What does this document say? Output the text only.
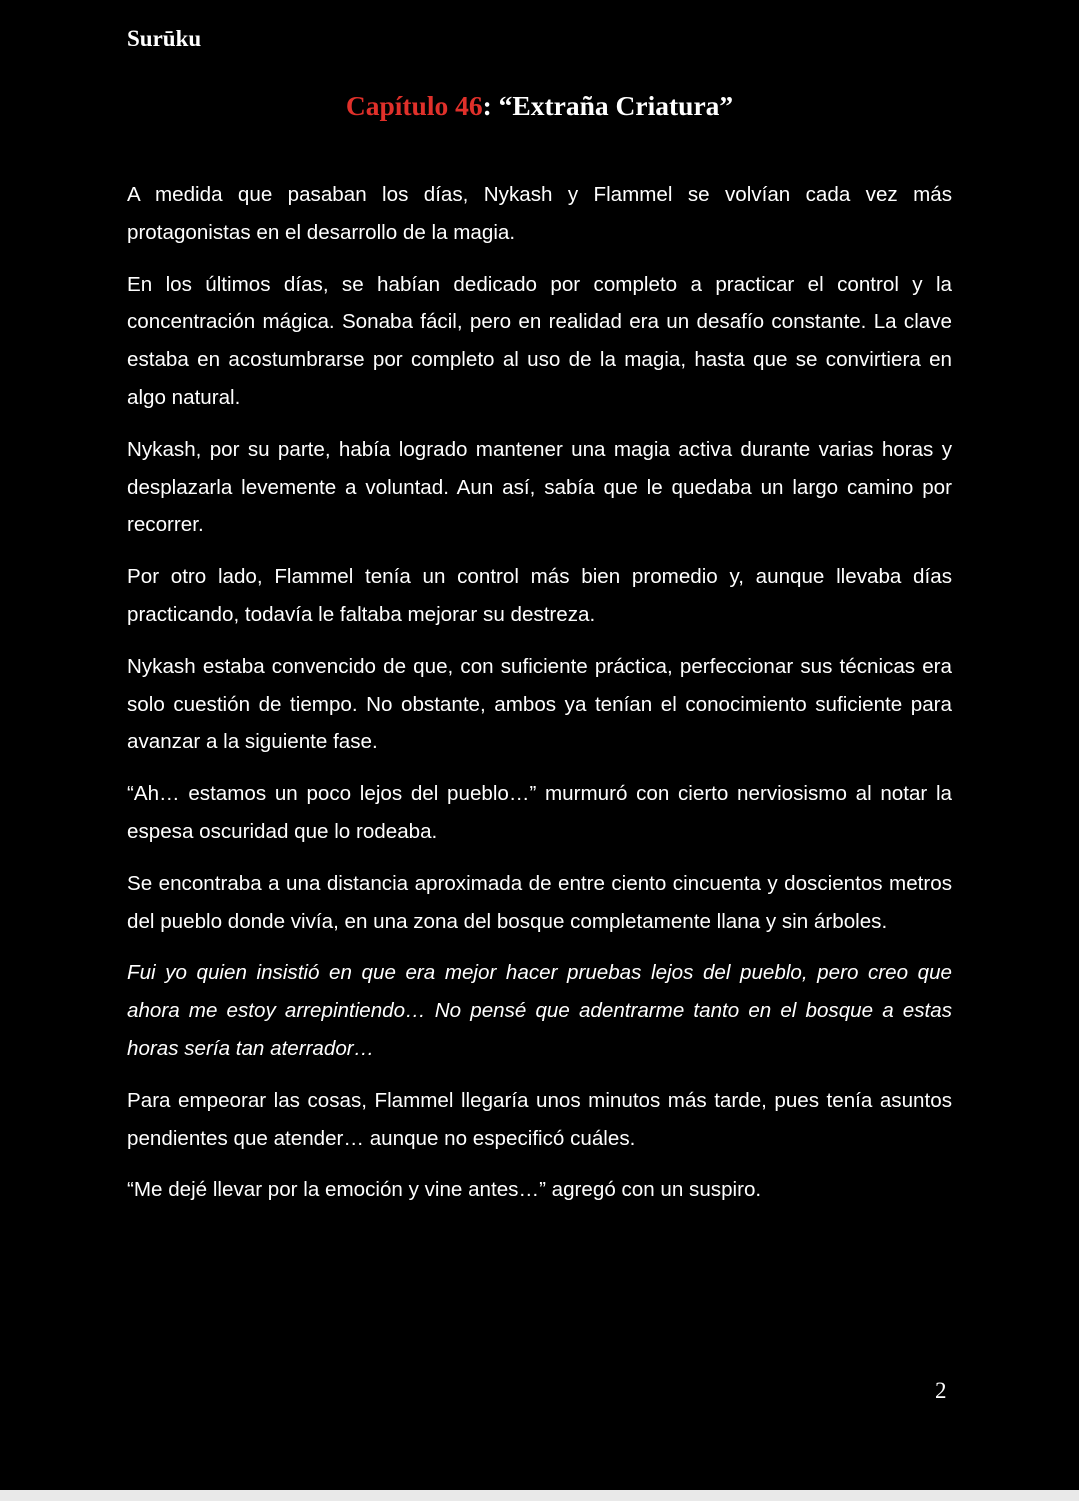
Surūku
Capítulo 46: “Extraña Criatura”

A medida que pasaban los días, Nykash y Flammel se volvían cada vez más protagonistas en el desarrollo de la magia.

En los últimos días, se habían dedicado por completo a practicar el control y la concentración mágica. Sonaba fácil, pero en realidad era un desafío constante. La clave estaba en acostumbrarse por completo al uso de la magia, hasta que se convirtiera en algo natural.

Nykash, por su parte, había logrado mantener una magia activa durante varias horas y desplazarla levemente a voluntad. Aun así, sabía que le quedaba un largo camino por recorrer.

Por otro lado, Flammel tenía un control más bien promedio y, aunque llevaba días practicando, todavía le faltaba mejorar su destreza.

Nykash estaba convencido de que, con suficiente práctica, perfeccionar sus técnicas era solo cuestión de tiempo. No obstante, ambos ya tenían el conocimiento suficiente para avanzar a la siguiente fase.

“Ah… estamos un poco lejos del pueblo…” murmuró con cierto nerviosismo al notar la espesa oscuridad que lo rodeaba.

Se encontraba a una distancia aproximada de entre ciento cincuenta y doscientos metros del pueblo donde vivía, en una zona del bosque completamente llana y sin árboles.

Fui yo quien insistió en que era mejor hacer pruebas lejos del pueblo, pero creo que ahora me estoy arrepintiendo… No pensé que adentrarme tanto en el bosque a estas horas sería tan aterrador…

Para empeorar las cosas, Flammel llegaría unos minutos más tarde, pues tenía asuntos pendientes que atender… aunque no especificó cuáles.

“Me dejé llevar por la emoción y vine antes…” agregó con un suspiro.

2
